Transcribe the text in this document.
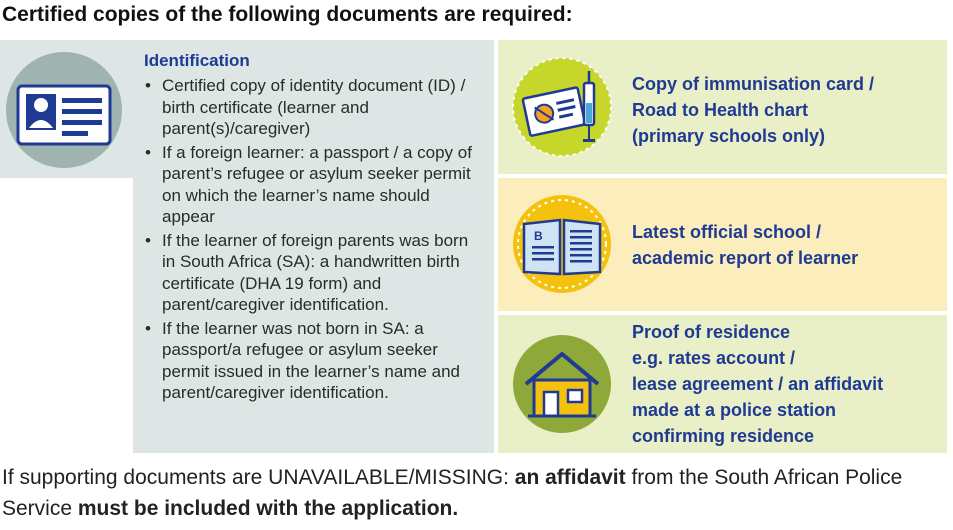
Certified copies of the following documents are required:
Identification
• Certified copy of identity document (ID) / birth certificate (learner and parent(s)/caregiver)
• If a foreign learner: a passport / a copy of parent’s refugee or asylum seeker permit on which the learner’s name should appear
• If the learner of foreign parents was born in South Africa (SA): a handwritten birth certificate (DHA 19 form) and parent/caregiver identification.
• If the learner was not born in SA: a passport/a refugee or asylum seeker permit issued in the learner’s name and parent/caregiver identification.
Copy of immunisation card /
Road to Health chart
(primary schools only)
B	Latest official school /
academic report of learner
Proof of residence
e.g. rates account /
lease agreement / an affidavit
made at a police station
confirming residence
If supporting documents are UNAVAILABLE/MISSING: an affidavit from the South African Police Service must be included with the application.
